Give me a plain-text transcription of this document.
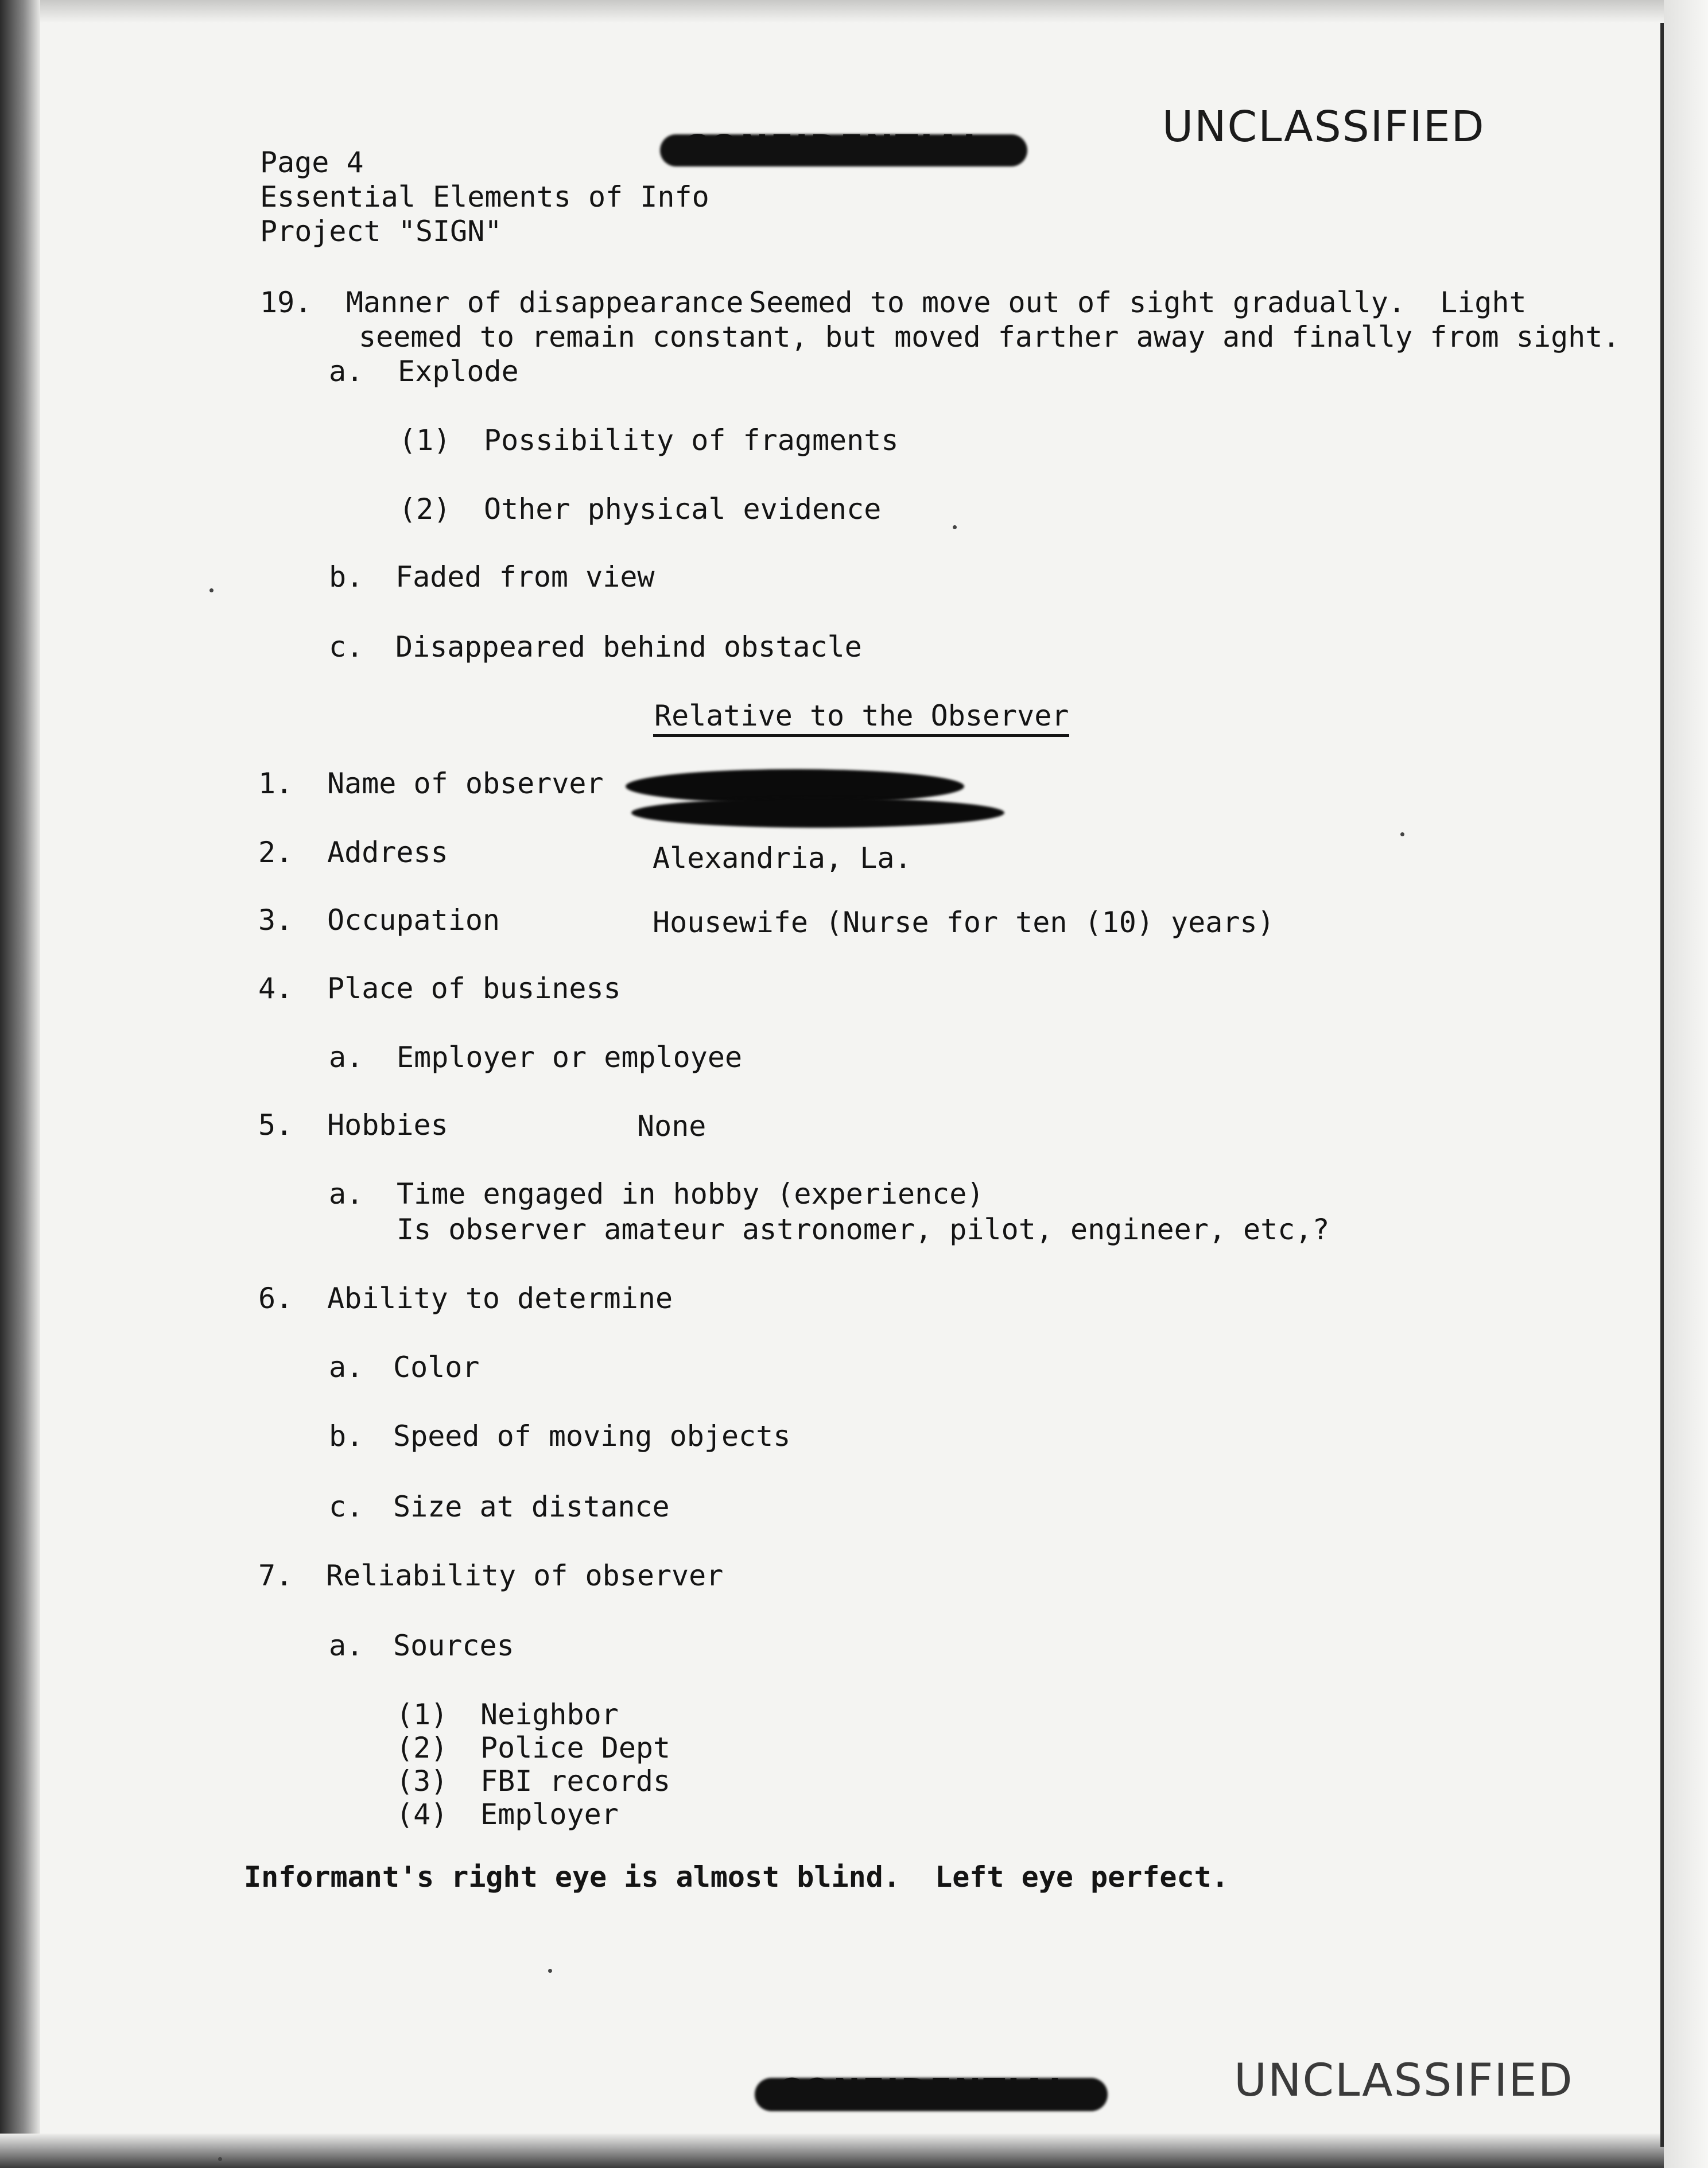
UNCLASSIFIED
UNCLASSIFIED
Page 4
Essential Elements of Info
Project "SIGN"
19. Manner of disappearance Seemed to move out of sight gradually.  Light
seemed to remain constant, but moved farther away and finally from sight.
a. Explode
(1) Possibility of fragments
(2) Other physical evidence
b. Faded from view
c. Disappeared behind obstacle
Relative to the Observer
1. Name of observer
2. Address	Alexandria, La.
3. Occupation	Housewife (Nurse for ten (10) years)
4. Place of business
a. Employer or employee
5. Hobbies	None
a. Time engaged in hobby (experience)
Is observer amateur astronomer, pilot, engineer, etc,?
6. Ability to determine
a. Color
b. Speed of moving objects
c. Size at distance
7. Reliability of observer
a. Sources
(1) Neighbor
(2) Police Dept
(3) FBI records
(4) Employer
Informant's right eye is almost blind.  Left eye perfect.
